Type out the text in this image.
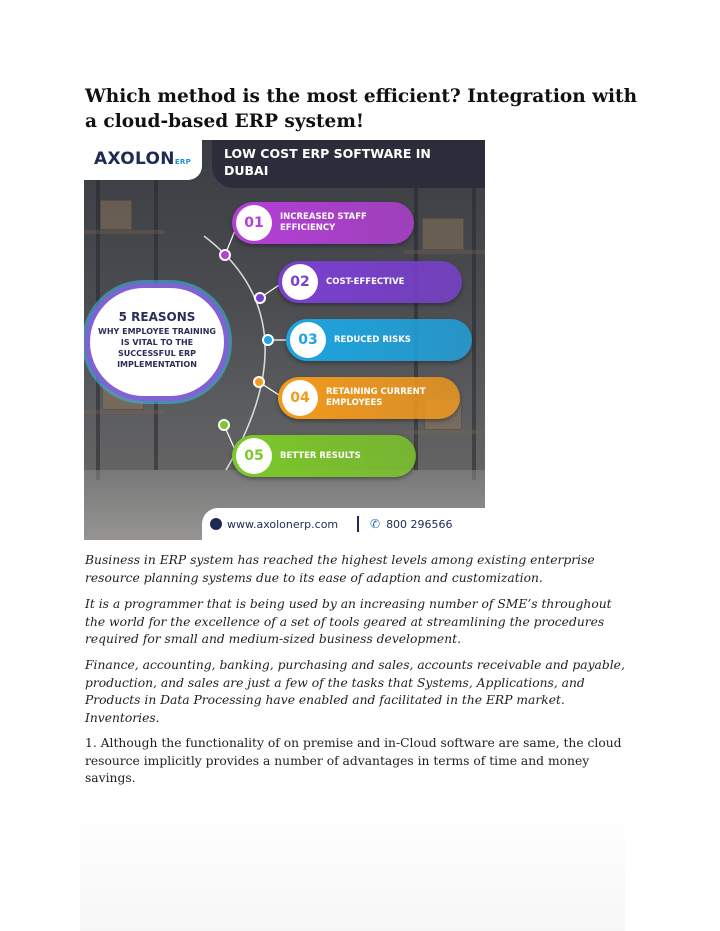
Which method is the most efficient? Integration with a cloud-based ERP system!
AXOLONERP
LOW COST ERP SOFTWARE IN DUBAI
5 REASONS
WHY EMPLOYEE TRAINING IS VITAL TO THE SUCCESSFUL ERP IMPLEMENTATION
01	INCREASED STAFF EFFICIENCY
02	COST-EFFECTIVE
03	REDUCED RISKS
04	RETAINING CURRENT EMPLOYEES
05	BETTER RESULTS
www.axolonerp.com	✆ 800 296566

Business in ERP system has reached the highest levels among existing enterprise resource planning systems due to its ease of adaption and customization.

It is a programmer that is being used by an increasing number of SME’s throughout the world for the excellence of a set of tools geared at streamlining the procedures required for small and medium-sized business development.

Finance, accounting, banking, purchasing and sales, accounts receivable and payable, production, and sales are just a few of the tasks that Systems, Applications, and Products in Data Processing have enabled and facilitated in the ERP market. Inventories.

1. Although the functionality of on premise and in-Cloud software are same, the cloud resource implicitly provides a number of advantages in terms of time and money savings.
